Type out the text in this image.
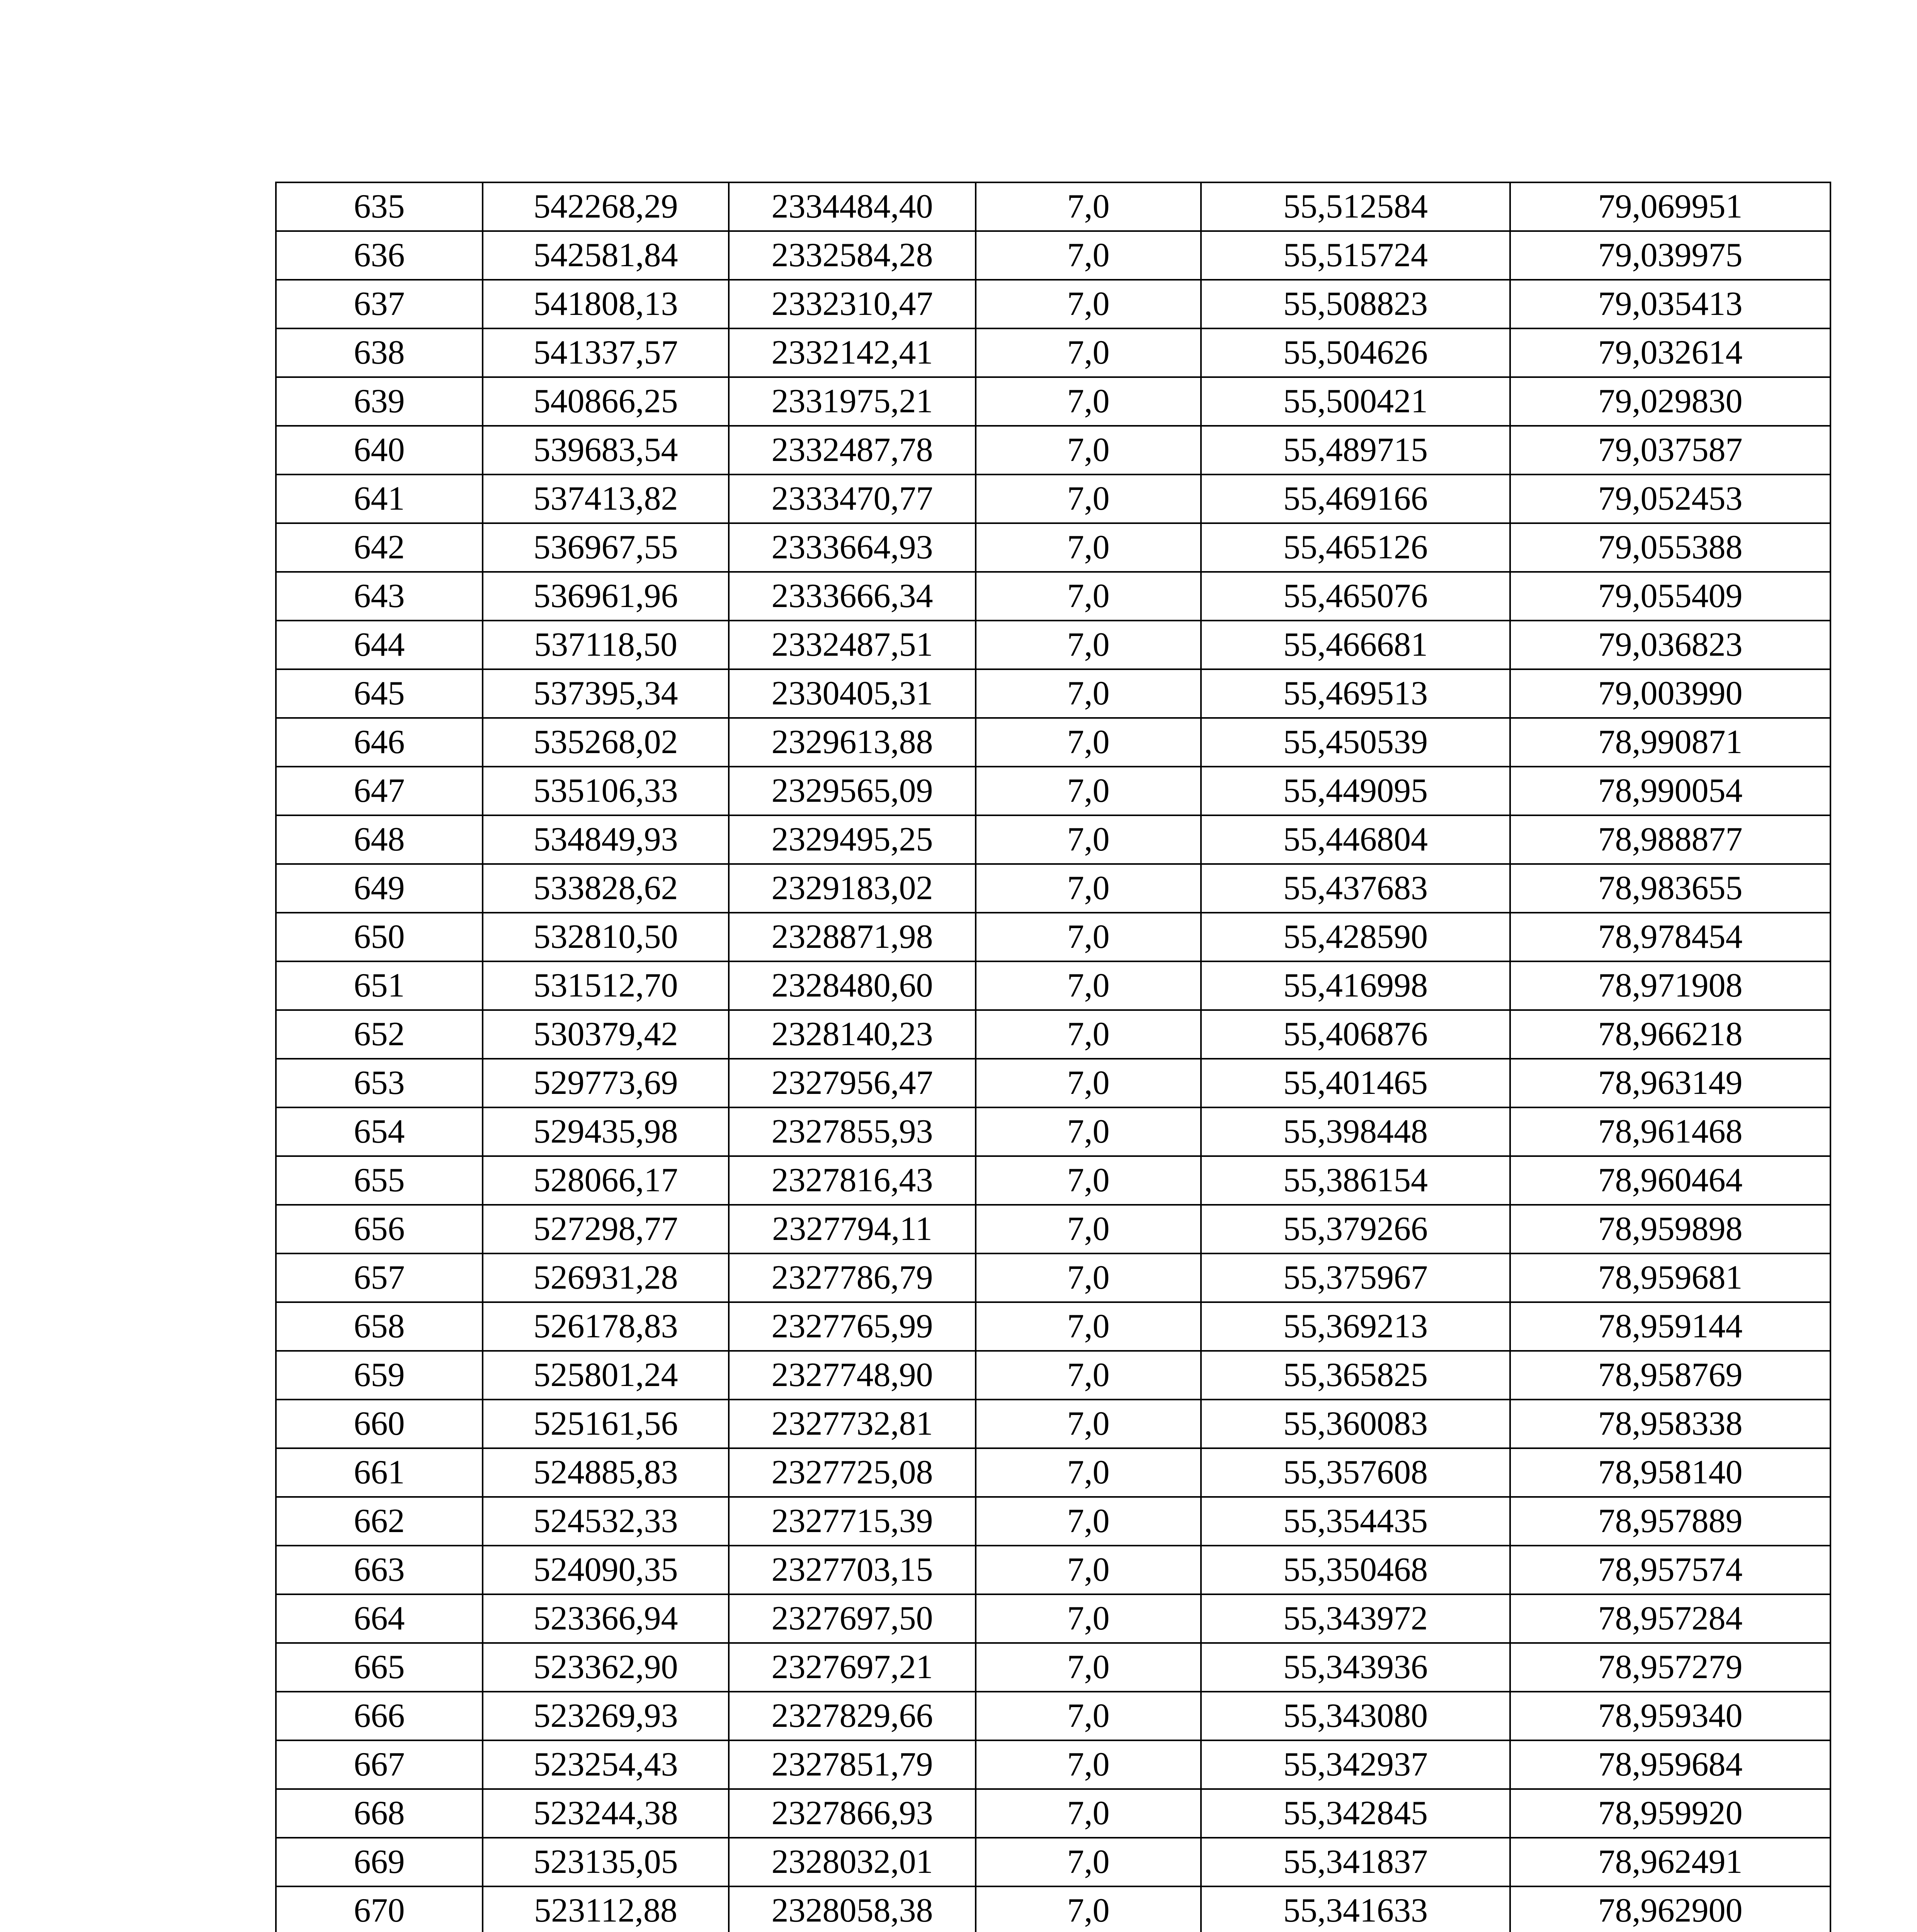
635	542268,29	2334484,40	7,0	55,512584	79,069951
636	542581,84	2332584,28	7,0	55,515724	79,039975
637	541808,13	2332310,47	7,0	55,508823	79,035413
638	541337,57	2332142,41	7,0	55,504626	79,032614
639	540866,25	2331975,21	7,0	55,500421	79,029830
640	539683,54	2332487,78	7,0	55,489715	79,037587
641	537413,82	2333470,77	7,0	55,469166	79,052453
642	536967,55	2333664,93	7,0	55,465126	79,055388
643	536961,96	2333666,34	7,0	55,465076	79,055409
644	537118,50	2332487,51	7,0	55,466681	79,036823
645	537395,34	2330405,31	7,0	55,469513	79,003990
646	535268,02	2329613,88	7,0	55,450539	78,990871
647	535106,33	2329565,09	7,0	55,449095	78,990054
648	534849,93	2329495,25	7,0	55,446804	78,988877
649	533828,62	2329183,02	7,0	55,437683	78,983655
650	532810,50	2328871,98	7,0	55,428590	78,978454
651	531512,70	2328480,60	7,0	55,416998	78,971908
652	530379,42	2328140,23	7,0	55,406876	78,966218
653	529773,69	2327956,47	7,0	55,401465	78,963149
654	529435,98	2327855,93	7,0	55,398448	78,961468
655	528066,17	2327816,43	7,0	55,386154	78,960464
656	527298,77	2327794,11	7,0	55,379266	78,959898
657	526931,28	2327786,79	7,0	55,375967	78,959681
658	526178,83	2327765,99	7,0	55,369213	78,959144
659	525801,24	2327748,90	7,0	55,365825	78,958769
660	525161,56	2327732,81	7,0	55,360083	78,958338
661	524885,83	2327725,08	7,0	55,357608	78,958140
662	524532,33	2327715,39	7,0	55,354435	78,957889
663	524090,35	2327703,15	7,0	55,350468	78,957574
664	523366,94	2327697,50	7,0	55,343972	78,957284
665	523362,90	2327697,21	7,0	55,343936	78,957279
666	523269,93	2327829,66	7,0	55,343080	78,959340
667	523254,43	2327851,79	7,0	55,342937	78,959684
668	523244,38	2327866,93	7,0	55,342845	78,959920
669	523135,05	2328032,01	7,0	55,341837	78,962491
670	523112,88	2328058,38	7,0	55,341633	78,962900
